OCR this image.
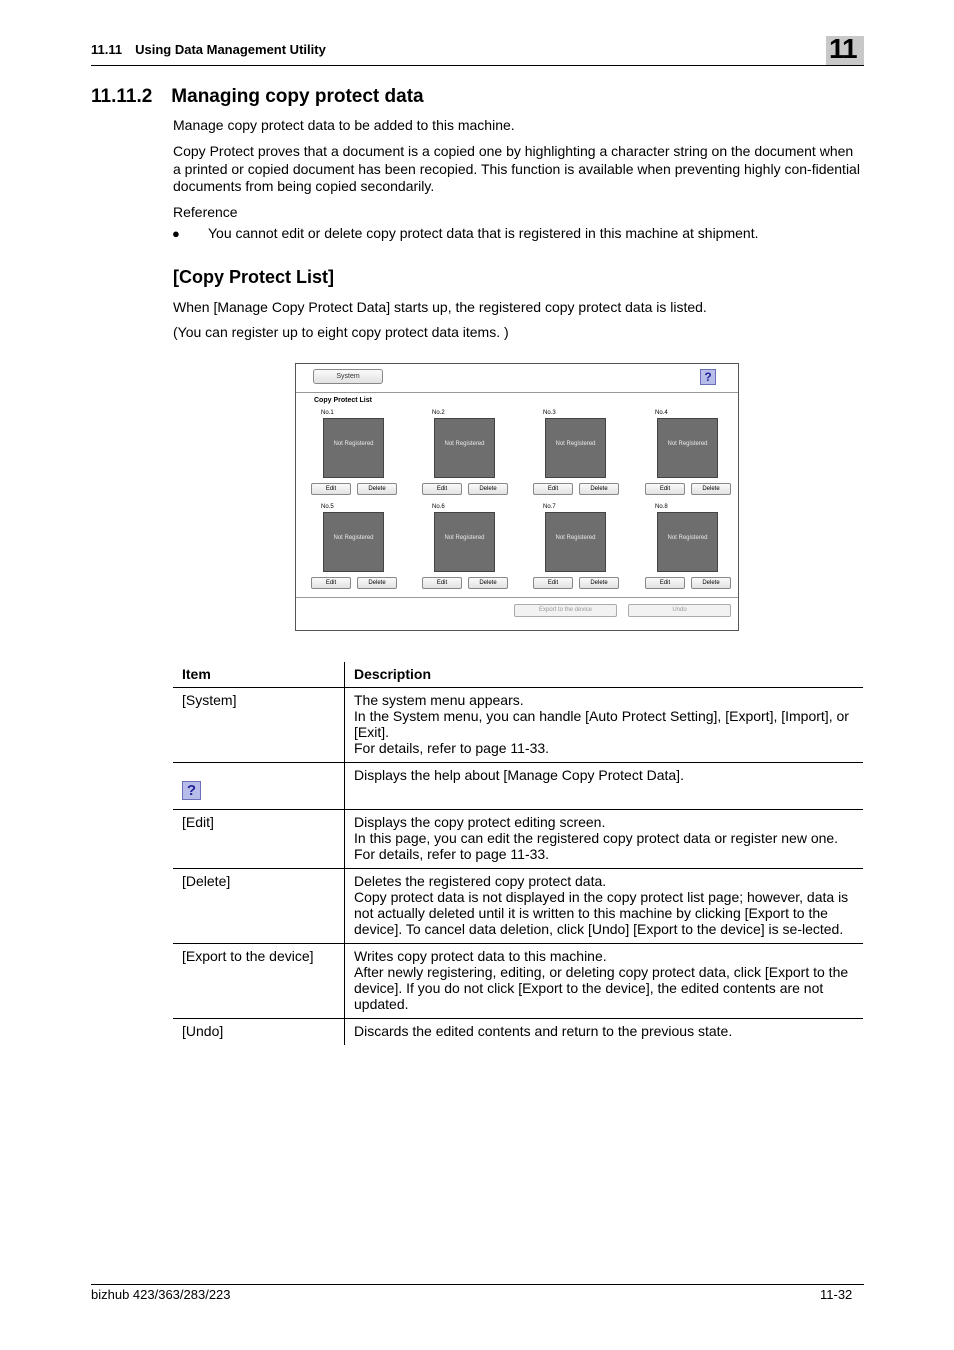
11.11 Using Data Management Utility	11
11.11.2 Managing copy protect data
Manage copy protect data to be added to this machine.
Copy Protect proves that a document is a copied one by highlighting a character string on the document when a printed or copied document has been recopied. This function is available when preventing highly con-fidential documents from being copied secondarily.
Reference
● You cannot edit or delete copy protect data that is registered in this machine at shipment.
[Copy Protect List]
When [Manage Copy Protect Data] starts up, the registered copy protect data is listed.
(You can register up to eight copy protect data items. )
System	?
Copy Protect List
No.1
Not Registered
Edit	Delete
No.2
Not Registered
Edit	Delete
No.3
Not Registered
Edit	Delete
No.4
Not Registered
Edit	Delete
No.5
Not Registered
Edit	Delete
No.6
Not Registered
Edit	Delete
No.7
Not Registered
Edit	Delete
No.8
Not Registered
Edit	Delete
Export to the device	Undo
Item	Description
[System]	The system menu appears.
In the System menu, you can handle [Auto Protect Setting], [Export], [Import], or [Exit].
For details, refer to page 11-33.

?	Displays the help about [Manage Copy Protect Data].

[Edit]	Displays the copy protect editing screen.
In this page, you can edit the registered copy protect data or register new one.
For details, refer to page 11-33.

[Delete]	Deletes the registered copy protect data.
Copy protect data is not displayed in the copy protect list page; however, data is not actually deleted until it is written to this machine by clicking [Export to the device]. To cancel data deletion, click [Undo] [Export to the device] is se-lected.

[Export to the device]	Writes copy protect data to this machine.
After newly registering, editing, or deleting copy protect data, click [Export to the device]. If you do not click [Export to the device], the edited contents are not updated.

[Undo]	Discards the edited contents and return to the previous state.
bizhub 423/363/283/223	11-32
